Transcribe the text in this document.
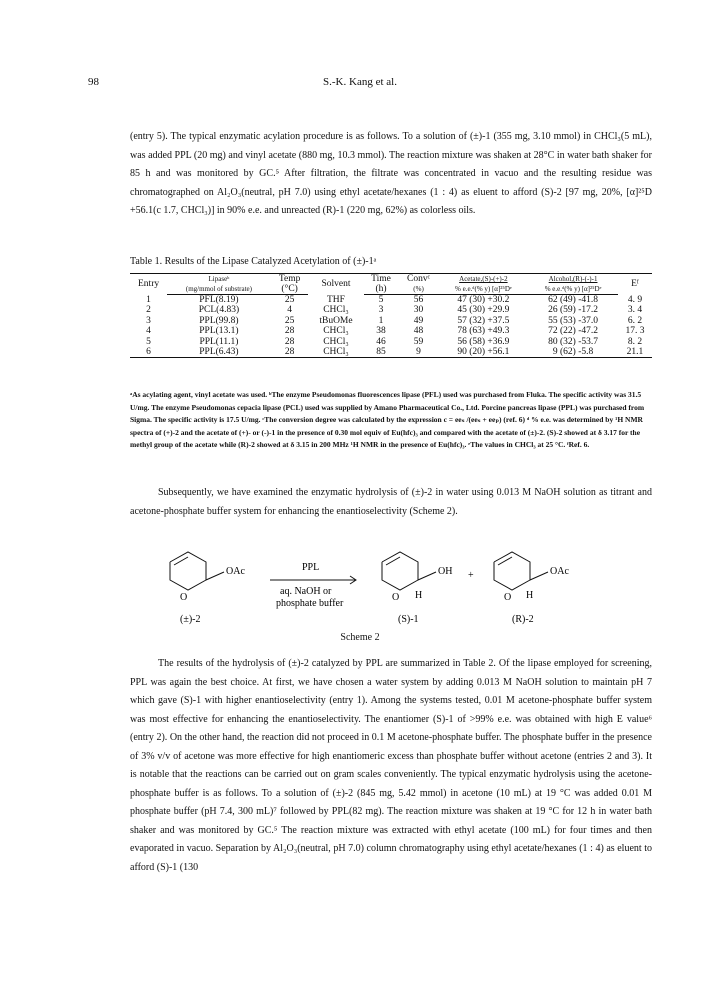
98	S.-K. Kang et al.

(entry 5). The typical enzymatic acylation procedure is as follows. To a solution of (±)-1 (355 mg, 3.10 mmol) in CHCl₃(5 mL), was added PPL (20 mg) and vinyl acetate (880 mg, 10.3 mmol). The reaction mixture was shaken at 28°C in water bath shaker for 85 h and was monitored by GC.⁵ After filtration, the filtrate was concentrated in vacuo and the resulting residue was chromatographed on Al₂O₃(neutral, pH 7.0) using ethyl acetate/hexanes (1 : 4) as eluent to afford (S)-2 [97 mg, 20%, [α]²⁵D +56.1(c 1.7, CHCl₃)] in 90% e.e. and unreacted (R)-1 (220 mg, 62%) as colorless oils.

Table 1. Results of the Lipase Catalyzed Acetylation of (±)-1ᵃ
Entry	Lipaseᵇ	Temp	Solvent	Time	Convᶜ	Acetate,(S)-(+)-2	Alcohol,(R)-(-)-1	Eᶠ
	(mg/mmol of substrate)	(°C)		(h)	(%)	% e.e.ᵈ(% y) [α]²⁵Dᵉ	% e.e.ᵈ(% y) [α]²⁵Dᵉ	
1	PFL(8.19)	25	THF	5	56	47 (30) +30.2	62 (49) -41.8	4. 9
2	PCL(4.83)	4	CHCl₃	3	30	45 (30) +29.9	26 (59) -17.2	3. 4
3	PPL(99.8)	25	tBuOMe	1	49	57 (32) +37.5	55 (53) -37.0	6. 2
4	PPL(13.1)	28	CHCl₃	38	48	78 (63) +49.3	72 (22) -47.2	17. 3
5	PPL(11.1)	28	CHCl₃	46	59	56 (58) +36.9	80 (32) -53.7	8. 2
6	PPL(6.43)	28	CHCl₃	85	9	90 (20) +56.1	9 (62) -5.8	21.1

ᵃAs acylating agent, vinyl acetate was used. ᵇThe enzyme Pseudomonas fluorescences lipase (PFL) used was purchased from Fluka. The specific activity was 31.5 U/mg. The enzyme Pseudomonas cepacia lipase (PCL) used was supplied by Amano Pharmaceutical Co., Ltd. Porcine pancreas lipase (PPL) was purchased from Sigma. The specific activity is 17.5 U/mg. ᶜThe conversion degree was calculated by the expression c = eeₛ /(eeₛ + eeₚ) (ref. 6) ᵈ % e.e. was determined by ¹H NMR spectra of (+)-2 and the acetate of (+)- or (-)-1 in the presence of 0.30 mol equiv of Eu(hfc)₃ and compared with the acetate of (±)-2. (S)-2 showed at δ 3.17 for the methyl group of the acetate while (R)-2 showed at δ 3.15 in 200 MHz ¹H NMR in the presence of Eu(hfc)₃. ᵉThe values in CHCl₃ at 25 °C. ᶠRef. 6.

Subsequently, we have examined the enzymatic hydrolysis of (±)-2 in water using 0.013 M NaOH solution as titrant and acetone-phosphate buffer system for enhancing the enantioselectivity (Scheme 2).

OAc
O
PPL
aq. NaOH or
phosphate buffer
OH
O H
+	OAc
O H
(±)-2	(S)-1	(R)-2
Scheme 2

The results of the hydrolysis of (±)-2 catalyzed by PPL are summarized in Table 2. Of the lipase employed for screening, PPL was again the best choice. At first, we have chosen a water system by adding 0.013 M NaOH solution to maintain pH 7 which gave (S)-1 with higher enantioselectivity (entry 1). Among the systems tested, 0.01 M acetone-phosphate buffer system was most effective for enhancing the enantioselectivity. The enantiomer (S)-1 of >99% e.e. was obtained with high E value⁶ (entry 2). On the other hand, the reaction did not proceed in 0.1 M acetone-phosphate buffer. The phosphate buffer in the presence of 3% v/v of acetone was more effective for high enantiomeric excess than phosphate buffer without acetone (entries 2 and 3). It is notable that the reactions can be carried out on gram scales conveniently. The typical enzymatic hydrolysis using the acetone-phosphate buffer is as follows. To a solution of (±)-2 (845 mg, 5.42 mmol) in acetone (10 mL) at 19 °C was added 0.01 M phosphate buffer (pH 7.4, 300 mL)⁷ followed by PPL(82 mg). The reaction mixture was shaken at 19 °C for 12 h in water bath shaker and was monitored by GC.⁵ The reaction mixture was extracted with ethyl acetate (100 mL) for four times and then evaporated in vacuo. Separation by Al₂O₃(neutral, pH 7.0) column chromatography using ethyl acetate/hexanes (1 : 4) as eluent to afford (S)-1 (130
